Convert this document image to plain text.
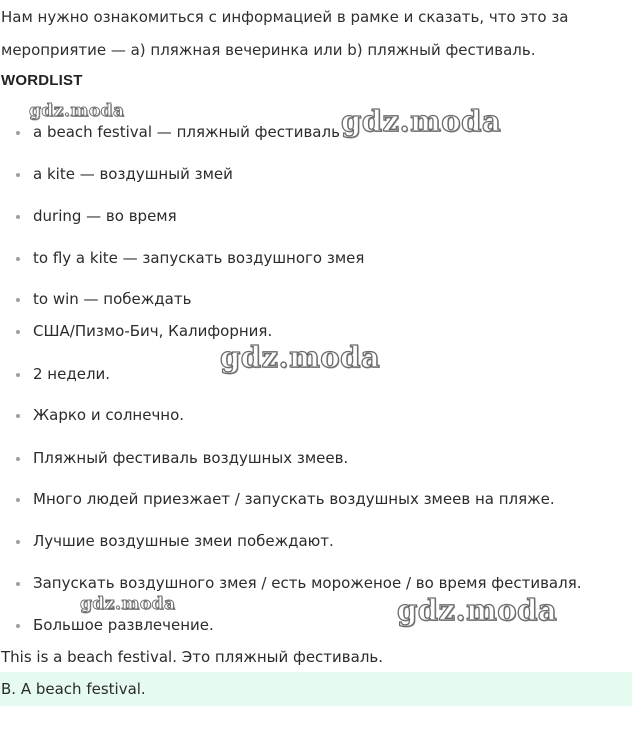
Нам нужно ознакомиться с информацией в рамке и сказать, что это за
мероприятие — а) пляжная вечеринка или b) пляжный фестиваль.
WORDLIST
a beach festival — пляжный фестиваль
a kite — воздушный змей
during — во время
to fly a kite — запускать воздушного змея
to win — побеждать
США/Пизмо-Бич, Калифорния.
2 недели.
Жарко и солнечно.
Пляжный фестиваль воздушных змеев.
Много людей приезжает / запускать воздушных змеев на пляже.
Лучшие воздушные змеи побеждают.
Запускать воздушного змея / есть мороженое / во время фестиваля.
Большое развлечение.
This is a beach festival. Это пляжный фестиваль.
B. A beach festival.
gdz.moda	gdz.moda
gdz.moda
gdz.moda	gdz.moda
